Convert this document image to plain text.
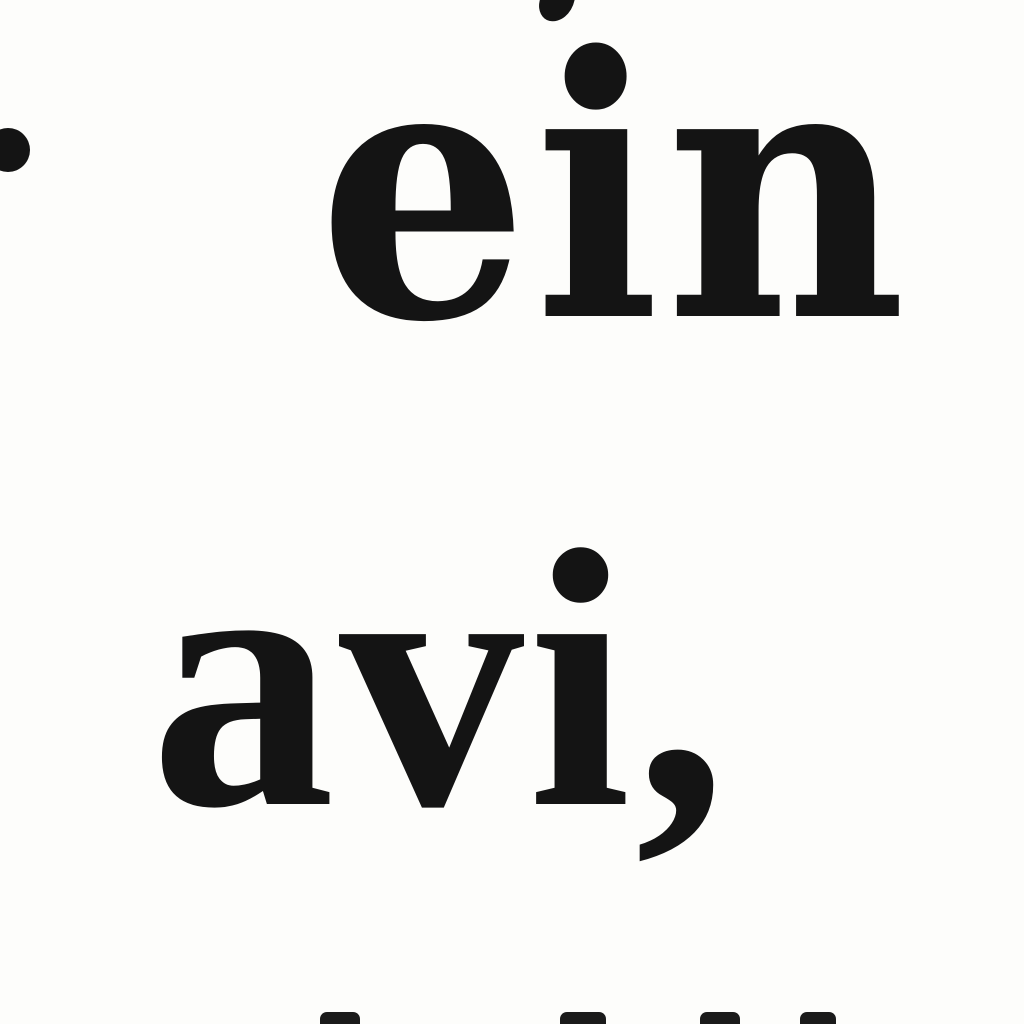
ein
avi,
